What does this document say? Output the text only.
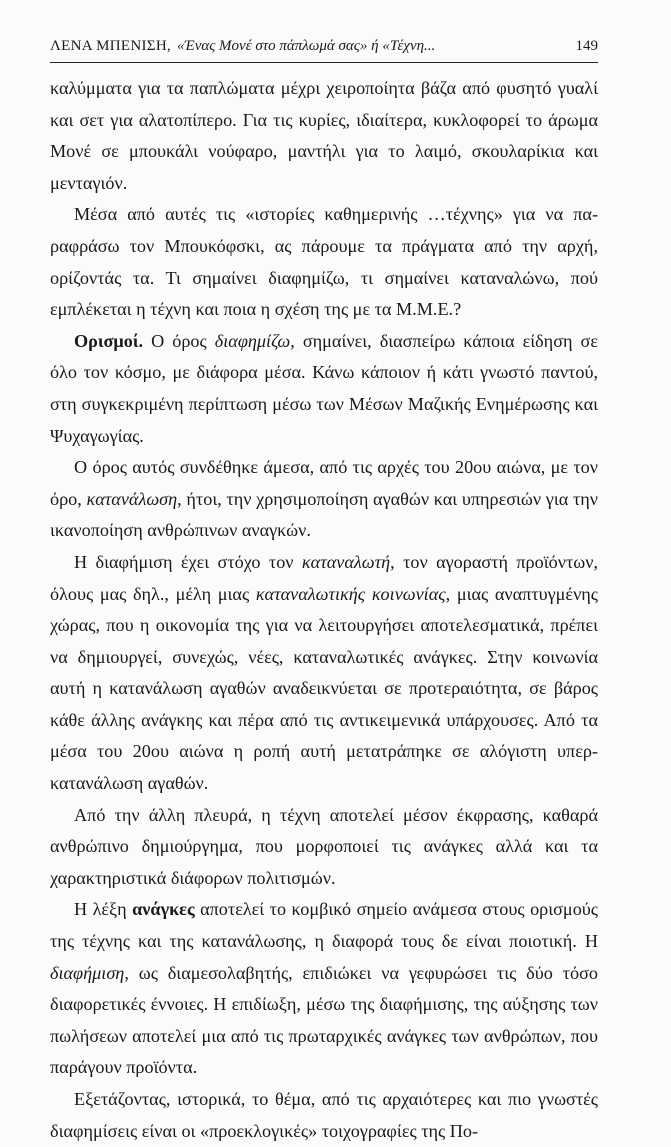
ΛΕΝΑ ΜΠΕΝΙΣΗ, «Ένας Μονέ στο πάπλωμά σας» ή «Τέχνη...	149

καλύμματα για τα παπλώματα μέχρι χειροποίητα βάζα από φυσητό γυαλί και σετ για αλατοπίπερο. Για τις κυρίες, ιδιαίτερα, κυκλοφορεί το άρωμα Μονέ σε μπουκάλι νούφαρο, μαντήλι για το λαιμό, σκουλαρίκια και μενταγιόν.

Μέσα από αυτές τις «ιστορίες καθημερινής …τέχνης» για να παραφράσω τον Μπουκόφσκι, ας πάρουμε τα πράγματα από την αρχή, ορίζοντάς τα. Τι σημαίνει διαφημίζω, τι σημαίνει καταναλώνω, πού εμπλέκεται η τέχνη και ποια η σχέση της με τα Μ.Μ.Ε.?

Ορισμοί. Ο όρος διαφημίζω, σημαίνει, διασπείρω κάποια είδηση σε όλο τον κόσμο, με διάφορα μέσα. Κάνω κάποιον ή κάτι γνωστό παντού, στη συγκεκριμένη περίπτωση μέσω των Μέσων Μαζικής Ενημέρωσης και Ψυχαγωγίας.

Ο όρος αυτός συνδέθηκε άμεσα, από τις αρχές του 20ου αιώνα, με τον όρο, κατανάλωση, ήτοι, την χρησιμοποίηση αγαθών και υπηρεσιών για την ικανοποίηση ανθρώπινων αναγκών.

Η διαφήμιση έχει στόχο τον καταναλωτή, τον αγοραστή προϊόντων, όλους μας δηλ., μέλη μιας καταναλωτικής κοινωνίας, μιας αναπτυγμένης χώρας, που η οικονομία της για να λειτουργήσει αποτελεσματικά, πρέπει να δημιουργεί, συνεχώς, νέες, καταναλωτικές ανάγκες. Στην κοινωνία αυτή η κατανάλωση αγαθών αναδεικνύεται σε προτεραιότητα, σε βάρος κάθε άλλης ανάγκης και πέρα από τις αντικειμενικά υπάρχουσες. Από τα μέσα του 20ου αιώνα η ροπή αυτή μετατράπηκε σε αλόγιστη υπερ-κατανάλωση αγαθών.

Από την άλλη πλευρά, η τέχνη αποτελεί μέσον έκφρασης, καθαρά ανθρώπινο δημιούργημα, που μορφοποιεί τις ανάγκες αλλά και τα χαρακτηριστικά διάφορων πολιτισμών.

Η λέξη ανάγκες αποτελεί το κομβικό σημείο ανάμεσα στους ορισμούς της τέχνης και της κατανάλωσης, η διαφορά τους δε είναι ποιοτική. Η διαφήμιση, ως διαμεσολαβητής, επιδιώκει να γεφυρώσει τις δύο τόσο διαφορετικές έννοιες. Η επιδίωξη, μέσω της διαφήμισης, της αύξησης των πωλήσεων αποτελεί μια από τις πρωταρχικές ανάγκες των ανθρώπων, που παράγουν προϊόντα.

Εξετάζοντας, ιστορικά, το θέμα, από τις αρχαιότερες και πιο γνωστές διαφημίσεις είναι οι «προεκλογικές» τοιχογραφίες της Πο-
